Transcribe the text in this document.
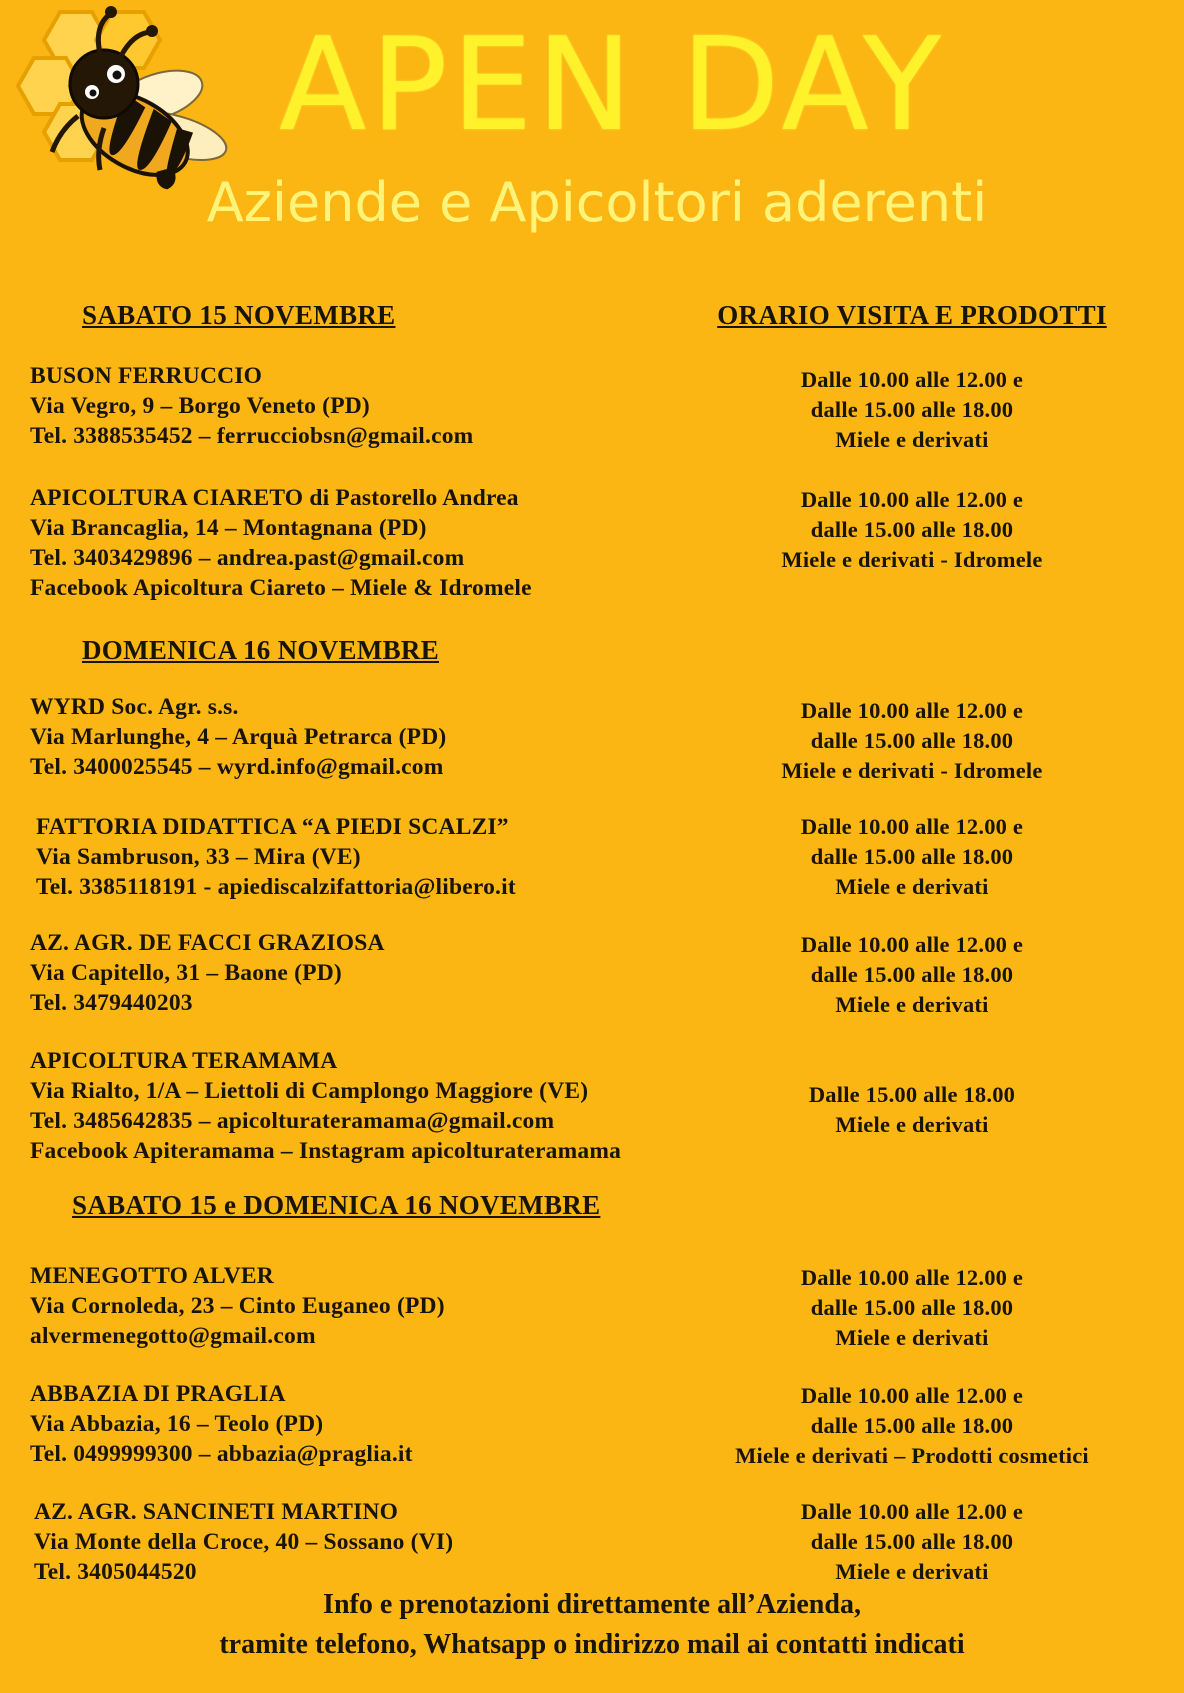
APEN DAY
Aziende e Apicoltori aderenti
SABATO 15 NOVEMBRE	ORARIO VISITA E PRODOTTI
BUSON FERRUCCIO
Via Vegro, 9 – Borgo Veneto (PD)
Tel. 3388535452 – ferrucciobsn@gmail.com
Dalle 10.00 alle 12.00 e
dalle 15.00 alle 18.00
Miele e derivati
APICOLTURA CIARETO di Pastorello Andrea
Via Brancaglia, 14 – Montagnana (PD)
Tel. 3403429896 – andrea.past@gmail.com
Facebook Apicoltura Ciareto – Miele & Idromele
Dalle 10.00 alle 12.00 e
dalle 15.00 alle 18.00
Miele e derivati - Idromele
DOMENICA 16 NOVEMBRE
WYRD Soc. Agr. s.s.
Via Marlunghe, 4 – Arquà Petrarca (PD)
Tel. 3400025545 – wyrd.info@gmail.com
Dalle 10.00 alle 12.00 e
dalle 15.00 alle 18.00
Miele e derivati - Idromele
FATTORIA DIDATTICA “A PIEDI SCALZI”
Via Sambruson, 33 – Mira (VE)
Tel. 3385118191 - apiediscalzifattoria@libero.it
Dalle 10.00 alle 12.00 e
dalle 15.00 alle 18.00
Miele e derivati
AZ. AGR. DE FACCI GRAZIOSA
Via Capitello, 31 – Baone (PD)
Tel. 3479440203
Dalle 10.00 alle 12.00 e
dalle 15.00 alle 18.00
Miele e derivati
APICOLTURA TERAMAMA
Via Rialto, 1/A – Liettoli di Camplongo Maggiore (VE)
Tel. 3485642835 – apicolturateramama@gmail.com
Facebook Apiteramama – Instagram apicolturateramama
Dalle 15.00 alle 18.00
Miele e derivati
SABATO 15 e DOMENICA 16 NOVEMBRE
MENEGOTTO ALVER
Via Cornoleda, 23 – Cinto Euganeo (PD)
alvermenegotto@gmail.com
Dalle 10.00 alle 12.00 e
dalle 15.00 alle 18.00
Miele e derivati
ABBAZIA DI PRAGLIA
Via Abbazia, 16 – Teolo (PD)
Tel. 0499999300 – abbazia@praglia.it
Dalle 10.00 alle 12.00 e
dalle 15.00 alle 18.00
Miele e derivati – Prodotti cosmetici
AZ. AGR. SANCINETI MARTINO
Via Monte della Croce, 40 – Sossano (VI)
Tel. 3405044520
Dalle 10.00 alle 12.00 e
dalle 15.00 alle 18.00
Miele e derivati
Info e prenotazioni direttamente all’Azienda,
tramite telefono, Whatsapp o indirizzo mail ai contatti indicati
